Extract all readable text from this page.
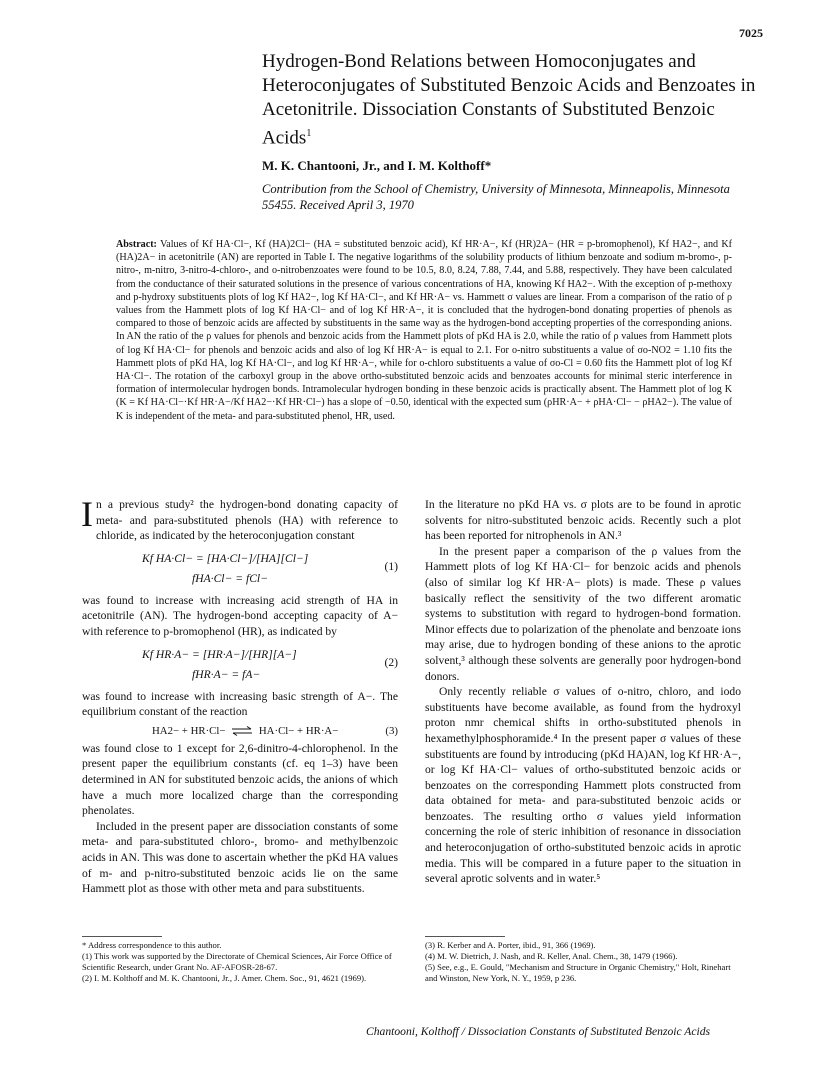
7025
Hydrogen-Bond Relations between Homoconjugates and Heteroconjugates of Substituted Benzoic Acids and Benzoates in Acetonitrile. Dissociation Constants of Substituted Benzoic Acids$^1$
M. K. Chantooni, Jr., and I. M. Kolthoff*
Contribution from the School of Chemistry, University of Minnesota, Minneapolis, Minnesota 55455. Received April 3, 1970
Abstract: Values of Kf HA·Cl−, Kf (HA)2Cl− (HA = substituted benzoic acid), Kf HR·A−, Kf (HR)2A− (HR = p-bromophenol), Kf HA2−, and Kf (HA)2A− in acetonitrile (AN) are reported in Table I. The negative logarithms of the solubility products of lithium benzoate and sodium m-bromo-, p-nitro-, m-nitro, 3-nitro-4-chloro-, and o-nitrobenzoates were found to be 10.5, 8.0, 8.24, 7.88, 7.44, and 5.88, respectively. They have been calculated from the conductance of their saturated solutions in the presence of various concentrations of HA, knowing Kf HA2−. With the exception of p-methoxy and p-hydroxy substituents plots of log Kf HA2−, log Kf HA·Cl−, and Kf HR·A− vs. Hammett σ values are linear. From a comparison of the ratio of ρ values from the Hammett plots of log Kf HA·Cl− and of log Kf HR·A−, it is concluded that the hydrogen-bond donating properties of phenols as compared to those of benzoic acids are affected by substituents in the same way as the hydrogen-bond accepting properties of the corresponding anions. In AN the ratio of the ρ values for phenols and benzoic acids from the Hammett plots of pKd HA is 2.0, while the ratio of ρ values from Hammett plots of log Kf HA·Cl− for phenols and benzoic acids and also of log Kf HR·A− is equal to 2.1. For o-nitro substituents a value of σo-NO2 = 1.10 fits the Hammett plots of pKd HA, log Kf HA·Cl−, and log Kf HR·A−, while for o-chloro substituents a value of σo-Cl = 0.60 fits the Hammett plot of log Kf HA·Cl−. The rotation of the carboxyl group in the above ortho-substituted benzoic acids and benzoates accounts for minimal steric interference in formation of intermolecular hydrogen bonds. Intramolecular hydrogen bonding in these benzoic acids is practically absent. The Hammett plot of log K (K = Kf HA·Cl−·Kf HR·A−/Kf HA2−·Kf HR·Cl−) has a slope of −0.50, identical with the expected sum (ρHR·A− + ρHA·Cl− − ρHA2−). The value of K is independent of the meta- and para-substituted phenol, HR, used.

In a previous study² the hydrogen-bond donating capacity of meta- and para-substituted phenols (HA) with reference to chloride, as indicated by the heteroconjugation constant

Kf HA·Cl− = [HA·Cl−]/[HA][Cl−]
fHA·Cl− = fCl−
(1)

was found to increase with increasing acid strength of HA in acetonitrile (AN). The hydrogen-bond accepting capacity of A− with reference to p-bromophenol (HR), as indicated by

Kf HR·A− = [HR·A−]/[HR][A−]
fHR·A− = fA−
(2)

was found to increase with increasing basic strength of A−. The equilibrium constant of the reaction

HA2− + HR·Cl− ⇌ HA·Cl− + HR·A−	(3)

was found close to 1 except for 2,6-dinitro-4-chlorophenol. In the present paper the equilibrium constants (cf. eq 1–3) have been determined in AN for substituted benzoic acids, the anions of which have a much more localized charge than the corresponding phenolates.

Included in the present paper are dissociation constants of some meta- and para-substituted chloro-, bromo- and methylbenzoic acids in AN. This was done to ascertain whether the pKd HA values of m- and p-nitro-substituted benzoic acids lie on the same Hammett plot as those with other meta and para substituents.

In the literature no pKd HA vs. σ plots are to be found in aprotic solvents for nitro-substituted benzoic acids. Recently such a plot has been reported for nitrophenols in AN.³

In the present paper a comparison of the ρ values from the Hammett plots of log Kf HA·Cl− for benzoic acids and phenols (also of similar log Kf HR·A− plots) is made. These ρ values basically reflect the sensitivity of the two different aromatic systems to substitution with regard to hydrogen-bond formation. Minor effects due to polarization of the phenolate and benzoate ions may arise, due to hydrogen bonding of these anions to the aprotic solvent,³ although these solvents are generally poor hydrogen-bond donors.

Only recently reliable σ values of o-nitro, chloro, and iodo substituents have become available, as found from the hydroxyl proton nmr chemical shifts in ortho-substituted phenols in hexamethylphosphoramide.⁴ In the present paper σ values of these substituents are found by introducing (pKd HA)AN, log Kf HR·A−, or log Kf HA·Cl− values of ortho-substituted benzoic acids or benzoates on the corresponding Hammett plots constructed from data obtained for meta- and para-substituted benzoic acids or benzoates. The resulting ortho σ values yield information concerning the role of steric inhibition of resonance in dissociation and heteroconjugation of ortho-substituted benzoic acids in aprotic media. This will be compared in a future paper to the situation in several aprotic solvents and in water.⁵

* Address correspondence to this author.
(1) This work was supported by the Directorate of Chemical Sciences, Air Force Office of Scientific Research, under Grant No. AF-AFOSR-28-67.
(2) I. M. Kolthoff and M. K. Chantooni, Jr., J. Amer. Chem. Soc., 91, 4621 (1969).
(3) R. Kerber and A. Porter, ibid., 91, 366 (1969).
(4) M. W. Dietrich, J. Nash, and R. Keller, Anal. Chem., 38, 1479 (1966).
(5) See, e.g., E. Gould, "Mechanism and Structure in Organic Chemistry," Holt, Rinehart and Winston, New York, N. Y., 1959, p 236.
Chantooni, Kolthoff / Dissociation Constants of Substituted Benzoic Acids
